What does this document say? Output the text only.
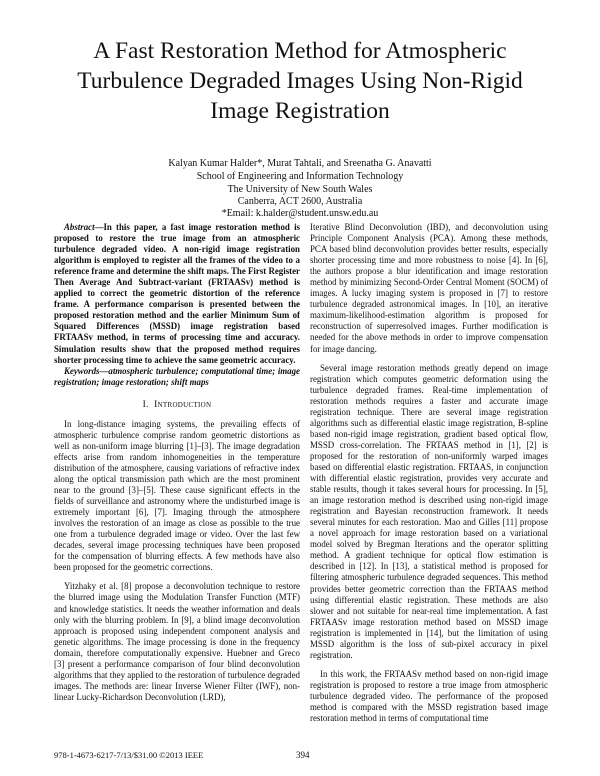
A Fast Restoration Method for Atmospheric
Turbulence Degraded Images Using Non-Rigid
Image Registration
Kalyan Kumar Halder*, Murat Tahtali, and Sreenatha G. Anavatti
School of Engineering and Information Technology
The University of New South Wales
Canberra, ACT 2600, Australia
*Email: k.halder@student.unsw.edu.au

Abstract—In this paper, a fast image restoration method is proposed to restore the true image from an atmospheric turbulence degraded video. A non-rigid image registration algorithm is employed to register all the frames of the video to a reference frame and determine the shift maps. The First Register Then Average And Subtract-variant (FRTAASv) method is applied to correct the geometric distortion of the reference frame. A performance comparison is presented between the proposed restoration method and the earlier Minimum Sum of Squared Differences (MSSD) image registration based FRTAASv method, in terms of processing time and accuracy. Simulation results show that the proposed method requires shorter processing time to achieve the same geometric accuracy.

Keywords—atmospheric turbulence; computational time; image registration; image restoration; shift maps

I. Introduction

In long-distance imaging systems, the prevailing effects of atmospheric turbulence comprise random geometric distortions as well as non-uniform image blurring [1]–[3]. The image degradation effects arise from random inhomogeneities in the temperature distribution of the atmosphere, causing variations of refractive index along the optical transmission path which are the most prominent near to the ground [3]–[5]. These cause significant effects in the fields of surveillance and astronomy where the undisturbed image is extremely important [6], [7]. Imaging through the atmosphere involves the restoration of an image as close as possible to the true one from a turbulence degraded image or video. Over the last few decades, several image processing techniques have been proposed for the compensation of blurring effects. A few methods have also been proposed for the geometric corrections.

Yitzhaky et al. [8] propose a deconvolution technique to restore the blurred image using the Modulation Transfer Function (MTF) and knowledge statistics. It needs the weather information and deals only with the blurring problem. In [9], a blind image deconvolution approach is proposed using independent component analysis and genetic algorithms. The image processing is done in the frequency domain, therefore computationally expensive. Huebner and Greco [3] present a performance comparison of four blind deconvolution algorithms that they applied to the restoration of turbulence degraded images. The methods are: linear Inverse Wiener Filter (IWF), non-linear Lucky-Richardson Deconvolution (LRD),

Iterative Blind Deconvolution (IBD), and deconvolution using Principle Component Analysis (PCA). Among these methods, PCA based blind deconvolution provides better results, especially shorter processing time and more robustness to noise [4]. In [6], the authors propose a blur identification and image restoration method by minimizing Second-Order Central Moment (SOCM) of images. A lucky imaging system is proposed in [7] to restore turbulence degraded astronomical images. In [10], an iterative maximum-likelihood-estimation algorithm is proposed for reconstruction of superresolved images. Further modification is needed for the above methods in order to improve compensation for image dancing.

Several image restoration methods greatly depend on image registration which computes geometric deformation using the turbulence degraded frames. Real-time implementation of restoration methods requires a faster and accurate image registration technique. There are several image registration algorithms such as differential elastic image registration, B-spline based non-rigid image registration, gradient based optical flow, MSSD cross-correlation. The FRTAAS method in [1], [2] is proposed for the restoration of non-uniformly warped images based on differential elastic registration. FRTAAS, in conjunction with differential elastic registration, provides very accurate and stable results, though it takes several hours for processing. In [5], an image restoration method is described using non-rigid image registration and Bayesian reconstruction framework. It needs several minutes for each restoration. Mao and Gilles [11] propose a novel approach for image restoration based on a variational model solved by Bregman Iterations and the operator splitting method. A gradient technique for optical flow estimation is described in [12]. In [13], a statistical method is proposed for filtering atmospheric turbulence degraded sequences. This method provides better geometric correction than the FRTAAS method using differential elastic registration. These methods are also slower and not suitable for near-real time implementation. A fast FRTAASv image restoration method based on MSSD image registration is implemented in [14], but the limitation of using MSSD algorithm is the loss of sub-pixel accuracy in pixel registration.

In this work, the FRTAASv method based on non-rigid image registration is proposed to restore a true image from atmospheric turbulence degraded video. The performance of the proposed method is compared with the MSSD registration based image restoration method in terms of computational time

978-1-4673-6217-7/13/$31.00 ©2013 IEEE	394
